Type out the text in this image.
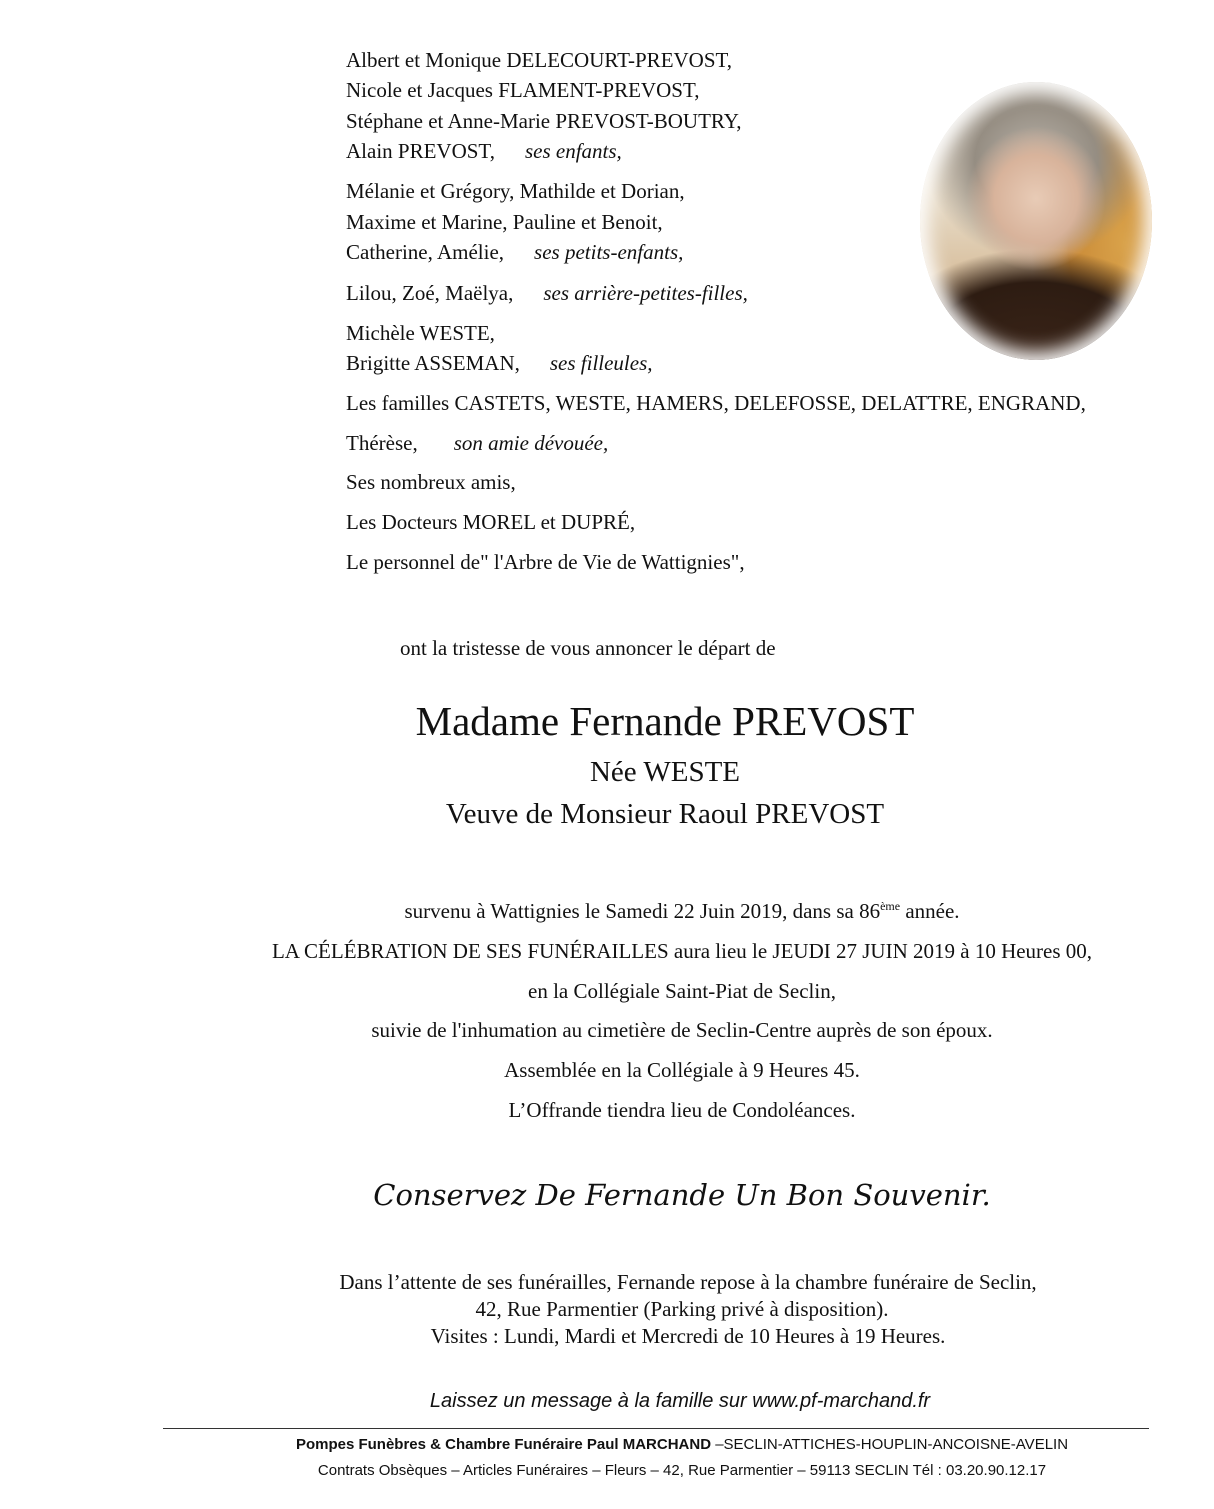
Albert et Monique DELECOURT-PREVOST,
Nicole et Jacques FLAMENT-PREVOST,
Stéphane et Anne-Marie PREVOST-BOUTRY,
Alain PREVOST, ses enfants,
Mélanie et Grégory, Mathilde et Dorian,
Maxime et Marine, Pauline et Benoit,
Catherine, Amélie, ses petits-enfants,
Lilou, Zoé, Maëlya, ses arrière-petites-filles,
Michèle WESTE,
Brigitte ASSEMAN, ses filleules,
Les familles CASTETS, WESTE, HAMERS, DELEFOSSE, DELATTRE, ENGRAND,
Thérèse, son amie dévouée,
Ses nombreux amis,
Les Docteurs MOREL et DUPRÉ,
Le personnel de" l'Arbre de Vie de Wattignies",
ont la tristesse de vous annoncer le départ de
Madame Fernande PREVOST
Née WESTE
Veuve de Monsieur Raoul PREVOST
survenu à Wattignies le Samedi 22 Juin 2019, dans sa 86ème année.
LA CÉLÉBRATION DE SES FUNÉRAILLES aura lieu le JEUDI 27 JUIN 2019 à 10 Heures 00,
en la Collégiale Saint-Piat de Seclin,
suivie de l'inhumation au cimetière de Seclin-Centre auprès de son époux.
Assemblée en la Collégiale à 9 Heures 45.
L’Offrande tiendra lieu de Condoléances.
Conservez De Fernande Un Bon Souvenir.
Dans l’attente de ses funérailles, Fernande repose à la chambre funéraire de Seclin,
42, Rue Parmentier (Parking privé à disposition).
Visites : Lundi, Mardi et Mercredi de 10 Heures à 19 Heures.
Laissez un message à la famille sur www.pf-marchand.fr
Pompes Funèbres & Chambre Funéraire Paul MARCHAND –SECLIN-ATTICHES-HOUPLIN-ANCOISNE-AVELIN
Contrats Obsèques – Articles Funéraires – Fleurs – 42, Rue Parmentier – 59113 SECLIN Tél : 03.20.90.12.17
